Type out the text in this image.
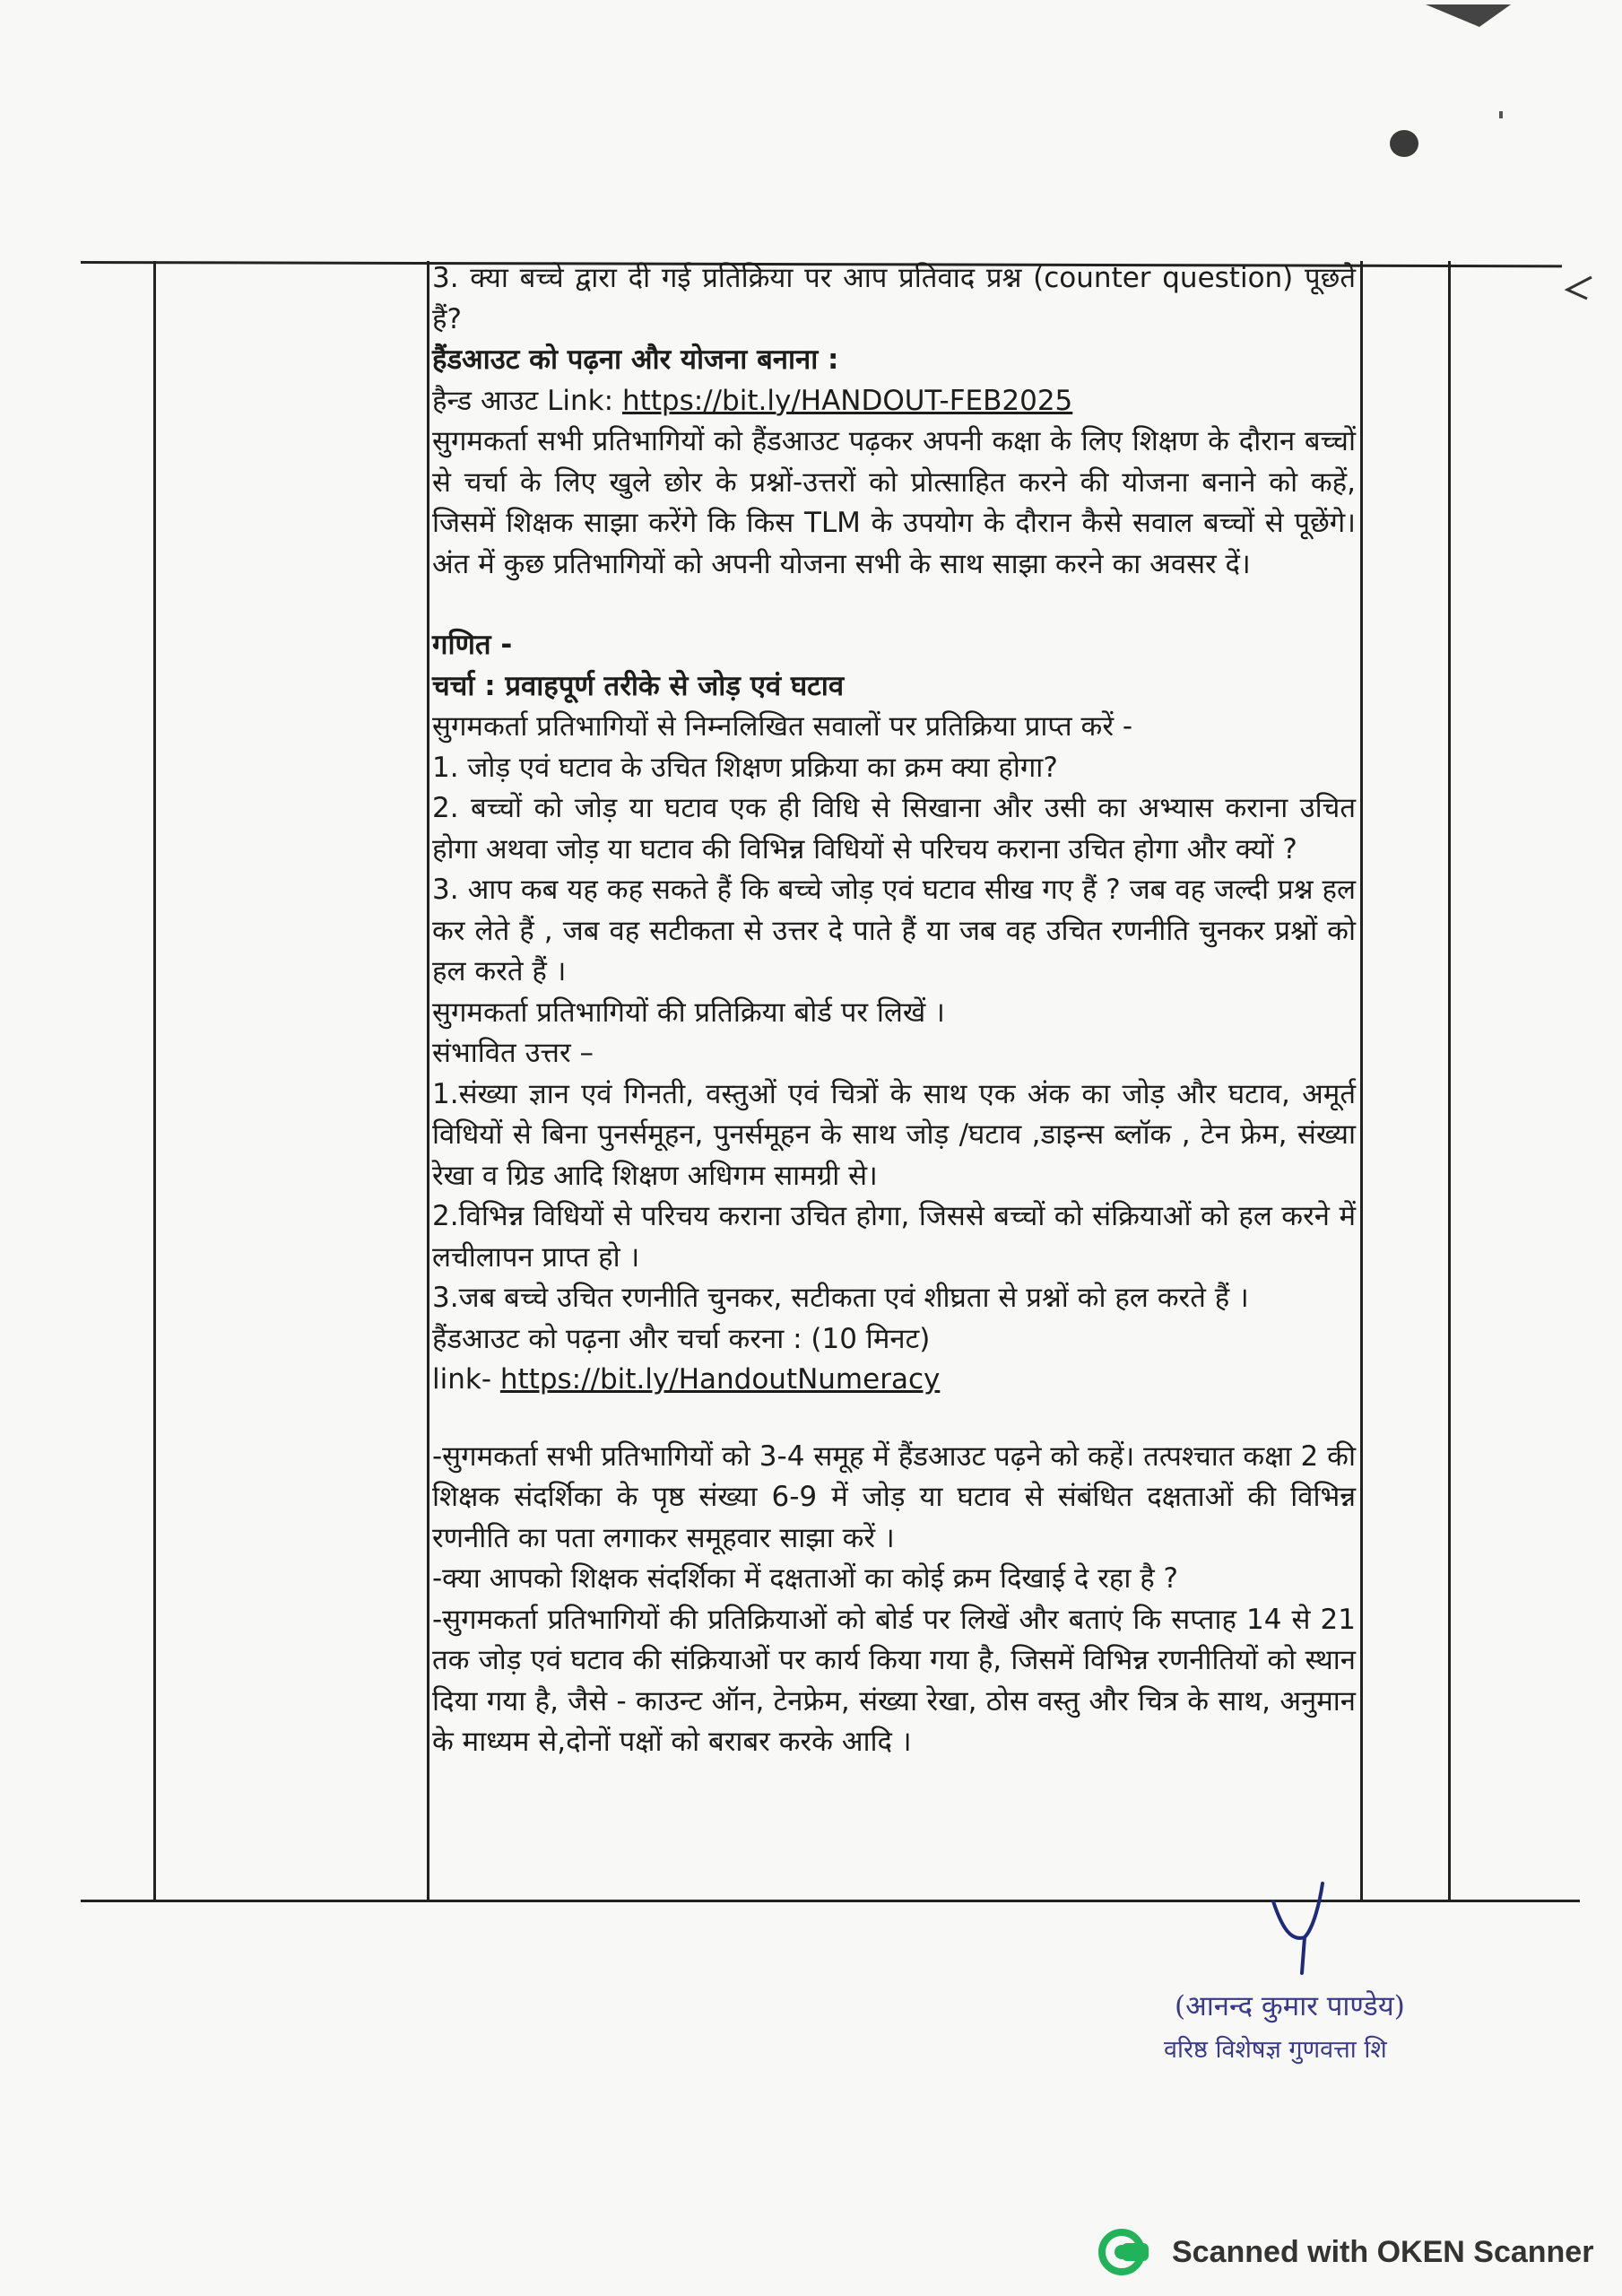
3. क्या बच्चे द्वारा दी गई प्रतिक्रिया पर आप प्रतिवाद प्रश्न (counter question) पूछते हैं?

हैंडआउट को पढ़ना और योजना बनाना :

हैन्ड आउट Link: https://bit.ly/HANDOUT-FEB2025

सुगमकर्ता सभी प्रतिभागियों को हैंडआउट पढ़कर अपनी कक्षा के लिए शिक्षण के दौरान बच्चों से चर्चा के लिए खुले छोर के प्रश्नों-उत्तरों को प्रोत्साहित करने की योजना बनाने को कहें, जिसमें शिक्षक साझा करेंगे कि किस TLM के उपयोग के दौरान कैसे सवाल बच्चों से पूछेंगे। अंत में कुछ प्रतिभागियों को अपनी योजना सभी के साथ साझा करने का अवसर दें।

गणित -

चर्चा : प्रवाहपूर्ण तरीके से जोड़ एवं घटाव

सुगमकर्ता प्रतिभागियों से निम्नलिखित सवालों पर प्रतिक्रिया प्राप्त करें -

1. जोड़ एवं घटाव के उचित शिक्षण प्रक्रिया का क्रम क्या होगा?

2. बच्चों को जोड़ या घटाव एक ही विधि से सिखाना और उसी का अभ्यास कराना उचित होगा अथवा जोड़ या घटाव की विभिन्न विधियों से परिचय कराना उचित होगा और क्यों ?

3. आप कब यह कह सकते हैं कि बच्चे जोड़ एवं घटाव सीख गए हैं ? जब वह जल्दी प्रश्न हल कर लेते हैं , जब वह सटीकता से उत्तर दे पाते हैं या जब वह उचित रणनीति चुनकर प्रश्नों को हल करते हैं ।

सुगमकर्ता प्रतिभागियों की प्रतिक्रिया बोर्ड पर लिखें ।

संभावित उत्तर –

1.संख्या ज्ञान एवं गिनती, वस्तुओं एवं चित्रों के साथ एक अंक का जोड़ और घटाव, अमूर्त विधियों से बिना पुनर्समूहन, पुनर्समूहन के साथ जोड़ /घटाव ,डाइन्स ब्लॉक , टेन फ्रेम, संख्या रेखा व ग्रिड आदि शिक्षण अधिगम सामग्री से।

2.विभिन्न विधियों से परिचय कराना उचित होगा, जिससे बच्चों को संक्रियाओं को हल करने में लचीलापन प्राप्त हो ।

3.जब बच्चे उचित रणनीति चुनकर, सटीकता एवं शीघ्रता से प्रश्नों को हल करते हैं ।

हैंडआउट को पढ़ना और चर्चा करना : (10 मिनट)

link- https://bit.ly/HandoutNumeracy

-सुगमकर्ता सभी प्रतिभागियों को 3-4 समूह में हैंडआउट पढ़ने को कहें। तत्पश्चात कक्षा 2 की शिक्षक संदर्शिका के पृष्ठ संख्या 6-9 में जोड़ या घटाव से संबंधित दक्षताओं की विभिन्न रणनीति का पता लगाकर समूहवार साझा करें ।

-क्या आपको शिक्षक संदर्शिका में दक्षताओं का कोई क्रम दिखाई दे रहा है ?

-सुगमकर्ता प्रतिभागियों की प्रतिक्रियाओं को बोर्ड पर लिखें और बताएं कि सप्ताह 14 से 21 तक जोड़ एवं घटाव की संक्रियाओं पर कार्य किया गया है, जिसमें विभिन्न रणनीतियों को स्थान दिया गया है, जैसे - काउन्ट ऑन, टेनफ्रेम, संख्या रेखा, ठोस वस्तु और चित्र के साथ, अनुमान के माध्यम से,दोनों पक्षों को बराबर करके आदि ।

(आनन्द कुमार पाण्डेय)
वरिष्ठ विशेषज्ञ गुणवत्ता शि
Scanned with OKEN Scanner
